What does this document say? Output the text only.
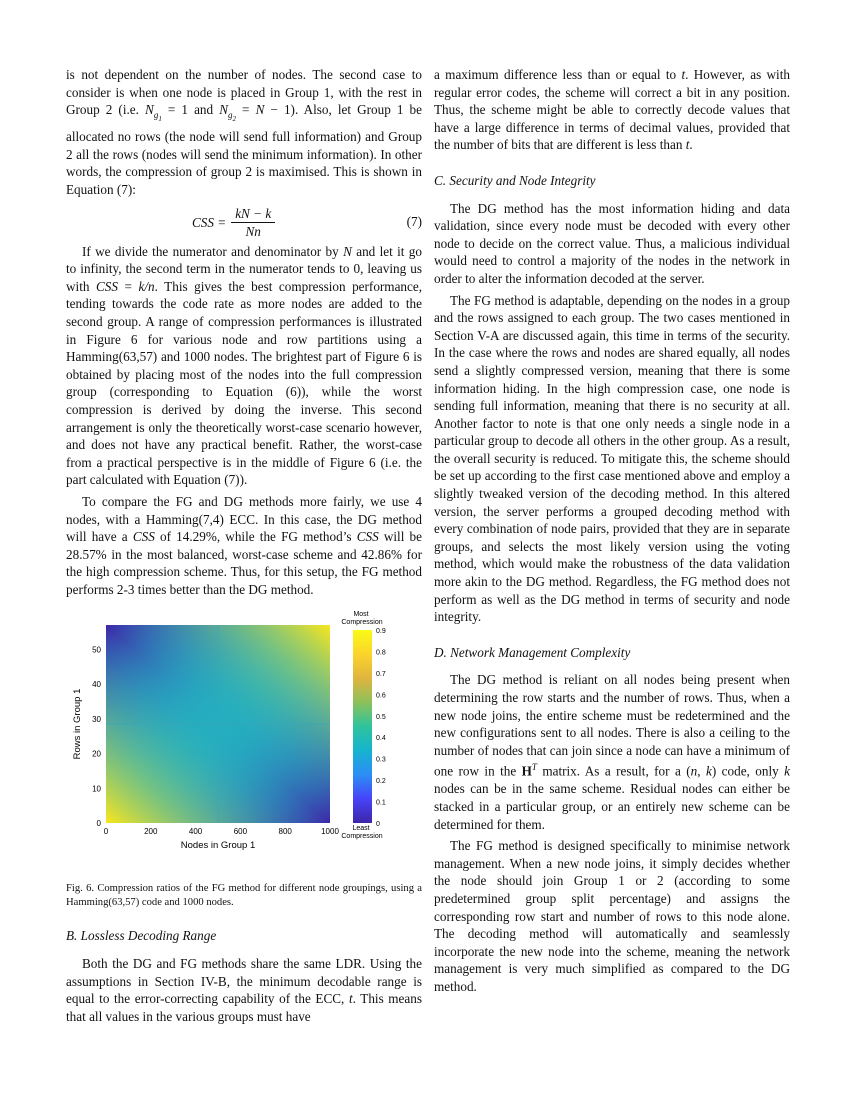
is not dependent on the number of nodes. The second case to consider is when one node is placed in Group 1, with the rest in Group 2 (i.e. $N_{g_1} = 1$ and $N_{g_2} = N - 1$). Also, let Group 1 be allocated no rows (the node will send full information) and Group 2 all the rows (nodes will send the minimum information). In other words, the compression of group 2 is maximised. This is shown in Equation (7):

CSS = $\frac{kN - k}{Nn}$	(7)

If we divide the numerator and denominator by N and let it go to infinity, the second term in the numerator tends to 0, leaving us with CSS = k/n. This gives the best compression performance, tending towards the code rate as more nodes are added to the second group. A range of compression performances is illustrated in Figure 6 for various node and row partitions using a Hamming(63,57) and 1000 nodes. The brightest part of Figure 6 is obtained by placing most of the nodes into the full compression group (corresponding to Equation (6)), while the worst compression is derived by doing the inverse. This second arrangement is only the theoretically worst-case scenario however, and does not have any practical benefit. Rather, the worst-case from a practical perspective is in the middle of Figure 6 (i.e. the part calculated with Equation (7)).

To compare the FG and DG methods more fairly, we use 4 nodes, with a Hamming(7,4) ECC. In this case, the DG method will have a CSS of 14.29%, while the FG method’s CSS will be 28.57% in the most balanced, worst-case scheme and 42.86% for the high compression scheme. Thus, for this setup, the FG method performs 2-3 times better than the DG method.

0	200	400	600	800	1000
0
10
20
30
40
50
Nodes in Group 1
Rows in Group 1
0
0.1
0.2
0.3
0.4
0.5
0.6
0.7
0.8
0.9
Most Compression
Least Compression
Fig. 6. Compression ratios of the FG method for different node groupings, using a Hamming(63,57) code and 1000 nodes.
B. Lossless Decoding Range

Both the DG and FG methods share the same LDR. Using the assumptions in Section IV-B, the minimum decodable range is equal to the error-correcting capability of the ECC, t. This means that all values in the various groups must have

a maximum difference less than or equal to t. However, as with regular error codes, the scheme will correct a bit in any position. Thus, the scheme might be able to correctly decode values that have a large difference in terms of decimal values, provided that the number of bits that are different is less than t.

C. Security and Node Integrity

The DG method has the most information hiding and data validation, since every node must be decoded with every other node to decide on the correct value. Thus, a malicious individual would need to control a majority of the nodes in the network in order to alter the information decoded at the server.

The FG method is adaptable, depending on the nodes in a group and the rows assigned to each group. The two cases mentioned in Section V-A are discussed again, this time in terms of the security. In the case where the rows and nodes are shared equally, all nodes send a slightly compressed version, meaning that there is some information hiding. In the high compression case, one node is sending full information, meaning that there is no security at all. Another factor to note is that one only needs a single node in a particular group to decode all others in the other group. As a result, the overall security is reduced. To mitigate this, the scheme should be set up according to the first case mentioned above and employ a slightly tweaked version of the decoding method. In this altered version, the server performs a grouped decoding method with every combination of node pairs, provided that they are in separate groups, and selects the most likely version using the voting method, which would make the robustness of the data validation more akin to the DG method. Regardless, the FG method does not perform as well as the DG method in terms of security and node integrity.

D. Network Management Complexity

The DG method is reliant on all nodes being present when determining the row starts and the number of rows. Thus, when a new node joins, the entire scheme must be redetermined and the new configurations sent to all nodes. There is also a ceiling to the number of nodes that can join since a node can have a minimum of one row in the $H^T$ matrix. As a result, for a (n, k) code, only k nodes can be in the same scheme. Residual nodes can either be stacked in a particular group, or an entirely new scheme can be determined for them.

The FG method is designed specifically to minimise network management. When a new node joins, it simply decides whether the node should join Group 1 or 2 (according to some predetermined group split percentage) and assigns the corresponding row start and number of rows to this node alone. The decoding method will automatically and seamlessly incorporate the new node into the scheme, meaning the network management is very much simplified as compared to the DG method.
